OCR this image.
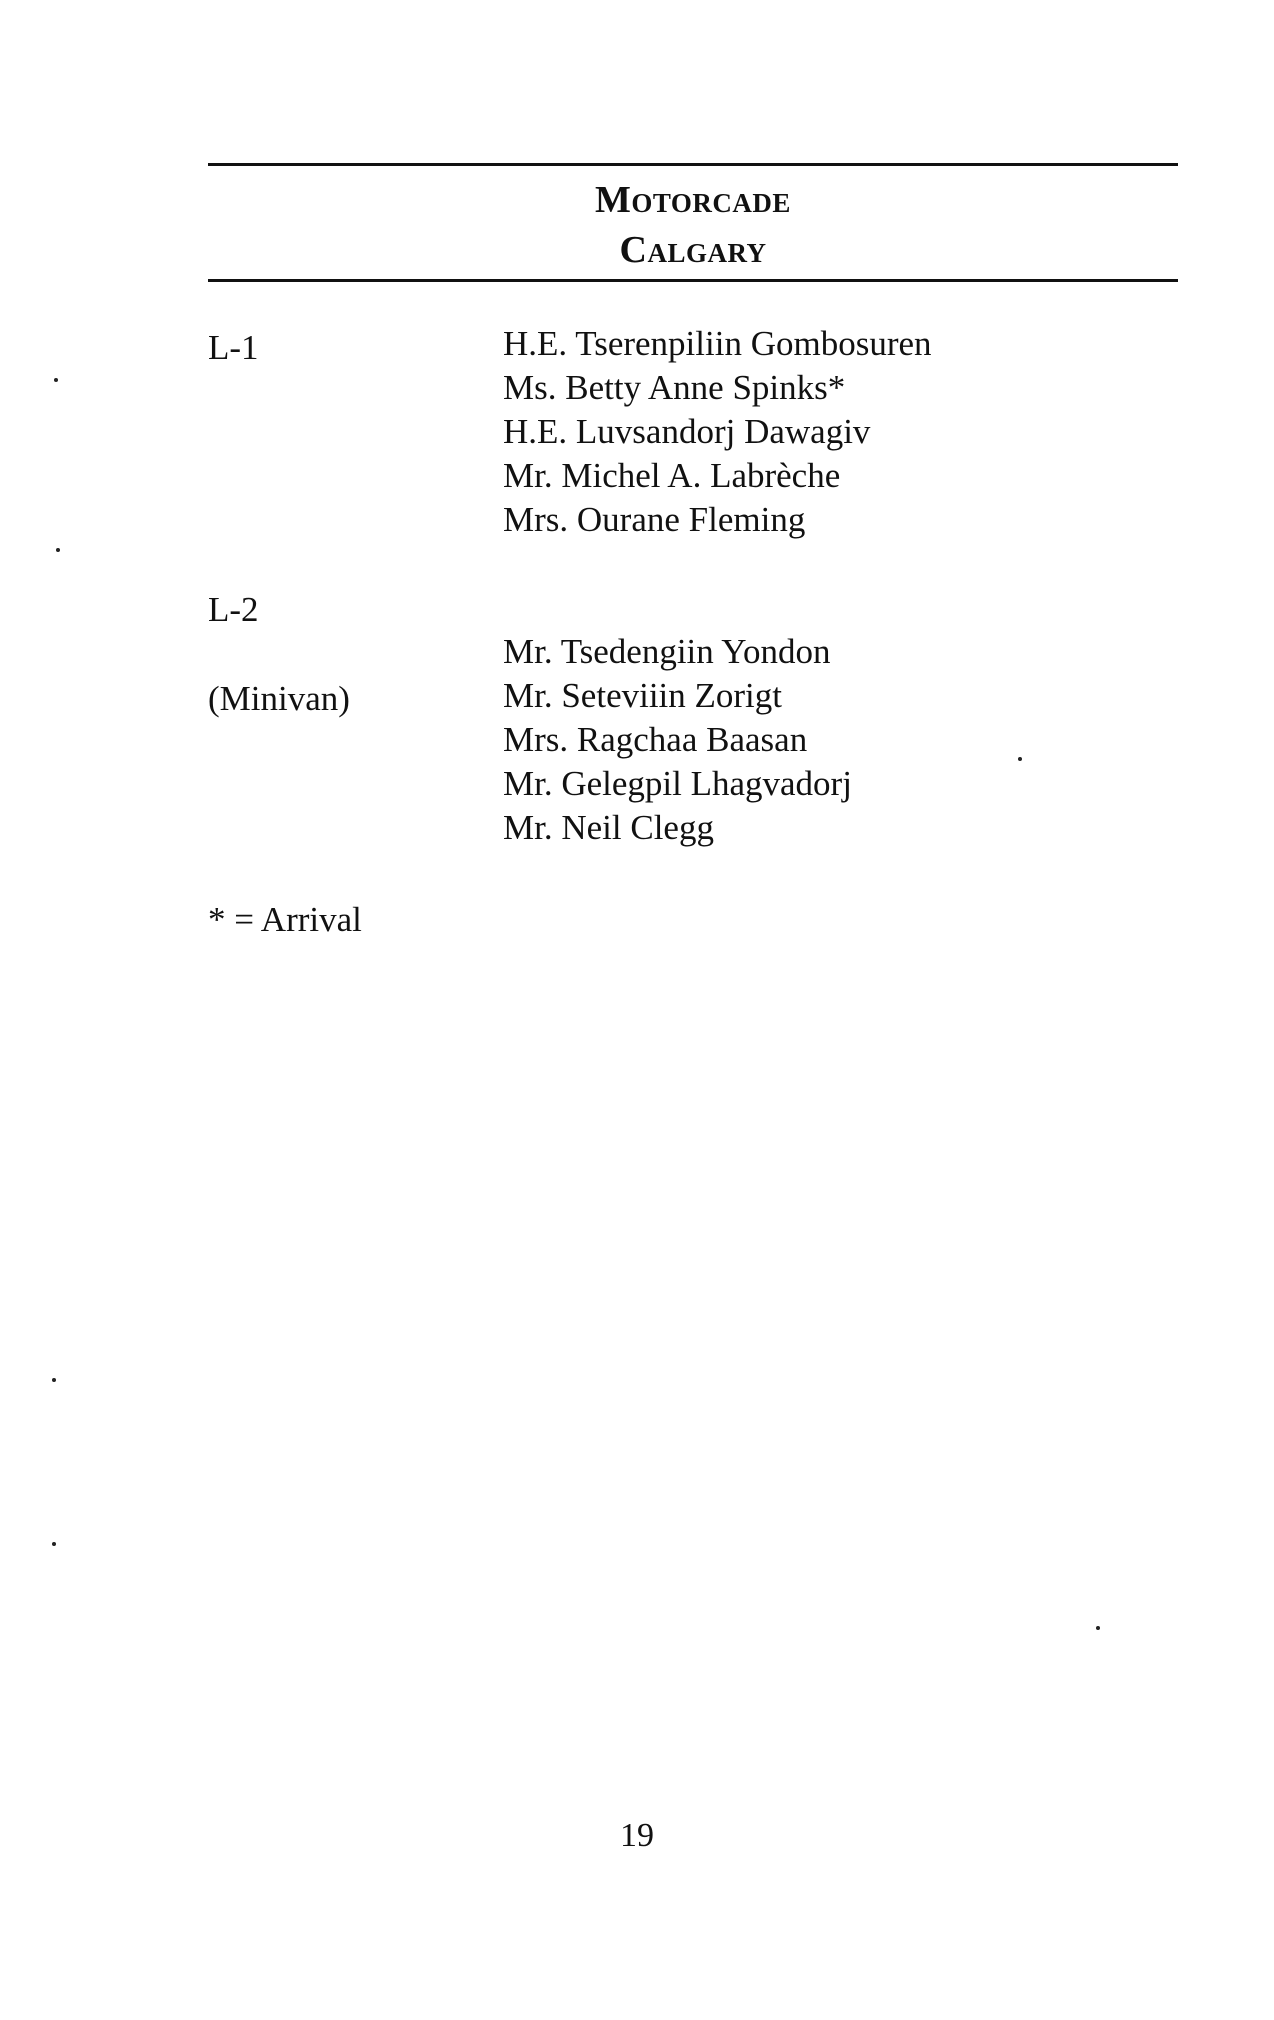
Motorcade
Calgary
L-1	H.E. Tserenpiliin Gombosuren
Ms. Betty Anne Spinks*
H.E. Luvsandorj Dawagiv
Mr. Michel A. Labrèche
Mrs. Ourane Fleming
L-2
(Minivan)
Mr. Tsedengiin Yondon
Mr. Seteviiin Zorigt
Mrs. Ragchaa Baasan
Mr. Gelegpil Lhagvadorj
Mr. Neil Clegg
* = Arrival
19
